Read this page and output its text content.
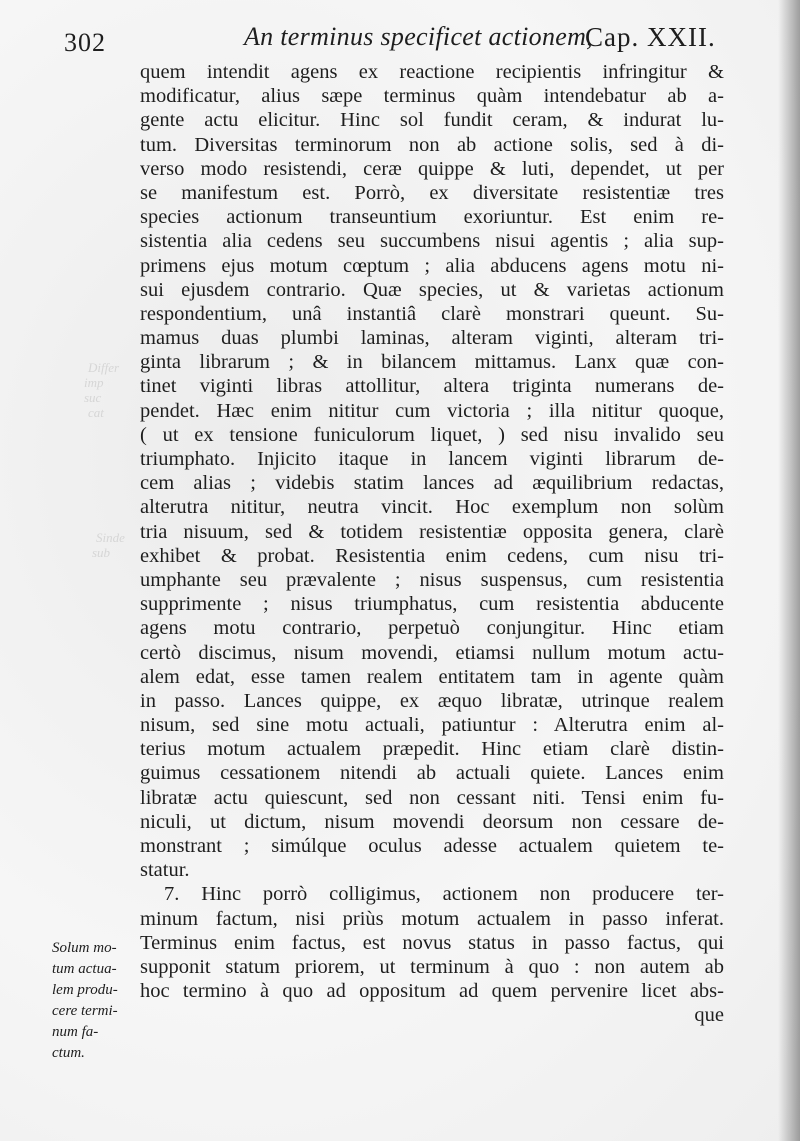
302	An terminus specificet actionem,
Cap. XXII.
Differ
imp
suc
cat
Sinde
sub
quem intendit agens ex reactione recipientis infringitur &
modificatur, alius sæpe terminus quàm intendebatur ab a-
gente actu elicitur. Hinc sol fundit ceram, & indurat lu-
tum. Diversitas terminorum non ab actione solis, sed à di-
verso modo resistendi, ceræ quippe & luti, dependet, ut per
se manifestum est. Porrò, ex diversitate resistentiæ tres
species actionum transeuntium exoriuntur. Est enim re-
sistentia alia cedens seu succumbens nisui agentis ; alia sup-
primens ejus motum cœptum ; alia abducens agens motu ni-
sui ejusdem contrario. Quæ species, ut & varietas actionum
respondentium, unâ instantiâ clarè monstrari queunt. Su-
mamus duas plumbi laminas, alteram viginti, alteram tri-
ginta librarum ; & in bilancem mittamus. Lanx quæ con-
tinet viginti libras attollitur, altera triginta numerans de-
pendet. Hæc enim nititur cum victoria ; illa nititur quoque,
( ut ex tensione funiculorum liquet, ) sed nisu invalido seu
triumphato. Injicito itaque in lancem viginti librarum de-
cem alias ; videbis statim lances ad æquilibrium redactas,
alterutra nititur, neutra vincit. Hoc exemplum non solùm
tria nisuum, sed & totidem resistentiæ opposita genera, clarè
exhibet & probat. Resistentia enim cedens, cum nisu tri-
umphante seu prævalente ; nisus suspensus, cum resistentia
supprimente ; nisus triumphatus, cum resistentia abducente
agens motu contrario, perpetuò conjungitur. Hinc etiam
certò discimus, nisum movendi, etiamsi nullum motum actu-
alem edat, esse tamen realem entitatem tam in agente quàm
in passo. Lances quippe, ex æquo libratæ, utrinque realem
nisum, sed sine motu actuali, patiuntur : Alterutra enim al-
terius motum actualem præpedit. Hinc etiam clarè distin-
guimus cessationem nitendi ab actuali quiete. Lances enim
libratæ actu quiescunt, sed non cessant niti. Tensi enim fu-
niculi, ut dictum, nisum movendi deorsum non cessare de-
monstrant ; simúlque oculus adesse actualem quietem te-
statur.
7. Hinc porrò colligimus, actionem non producere ter-
minum factum, nisi priùs motum actualem in passo inferat.
Terminus enim factus, est novus status in passo factus, qui
supponit statum priorem, ut terminum à quo : non autem ab
hoc termino à quo ad oppositum ad quem pervenire licet abs-
que
Solum mo-
tum actua-
lem produ-
cere termi-
num fa-
ctum.
